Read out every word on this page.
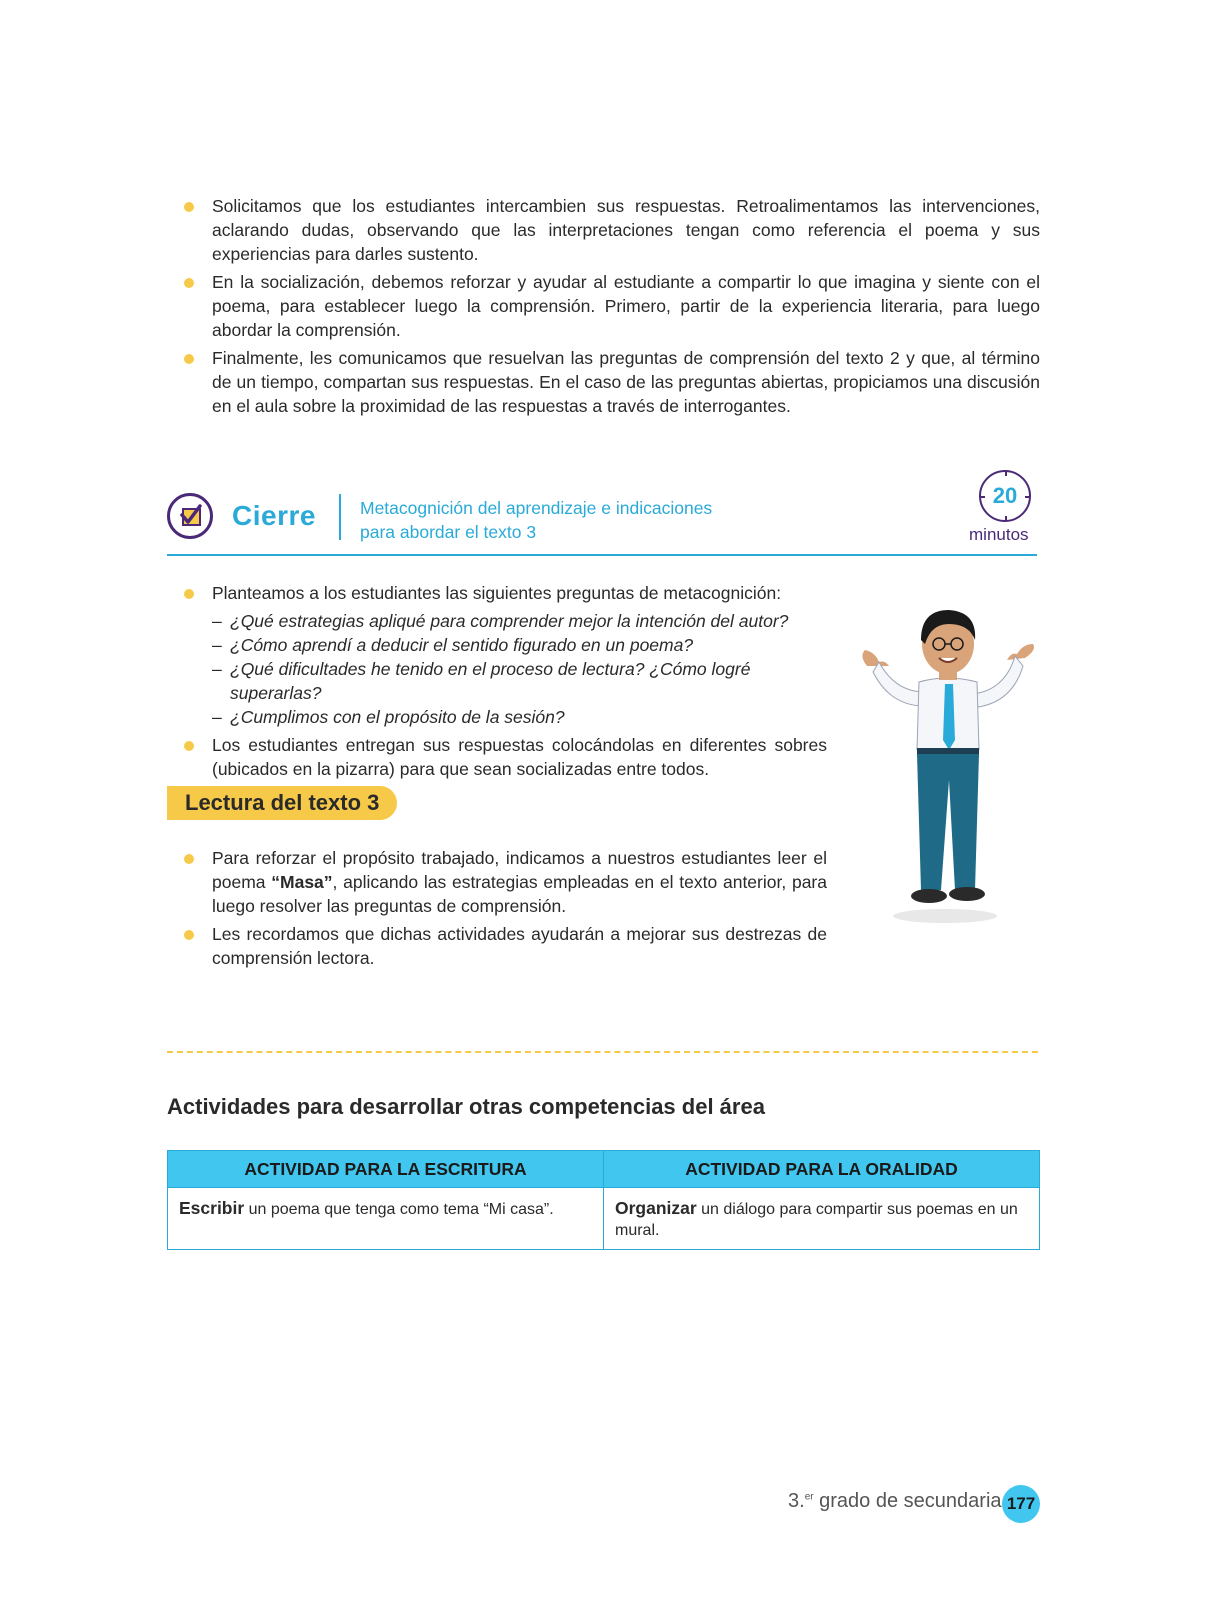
Solicitamos que los estudiantes intercambien sus respuestas. Retroalimentamos las intervenciones, aclarando dudas, observando que las interpretaciones tengan como referencia el poema y sus experiencias para darles sustento.
En la socialización, debemos reforzar y ayudar al estudiante a compartir lo que imagina y siente con el poema, para establecer luego la comprensión. Primero, partir de la experiencia literaria, para luego abordar la comprensión.
Finalmente, les comunicamos que resuelvan las preguntas de comprensión del texto 2 y que, al término de un tiempo, compartan sus respuestas. En el caso de las preguntas abiertas, propiciamos una discusión en el aula sobre la proximidad de las respuestas a través de interrogantes.
Cierre	Metacognición del aprendizaje e indicaciones
para abordar el texto 3
20
minutos
Planteamos a los estudiantes las siguientes preguntas de metacognición:
– ¿Qué estrategias apliqué para comprender mejor la intención del autor?
– ¿Cómo aprendí a deducir el sentido figurado en un poema?
– ¿Qué dificultades he tenido en el proceso de lectura? ¿Cómo logré superarlas?
– ¿Cumplimos con el propósito de la sesión?
Los estudiantes entregan sus respuestas colocándolas en diferentes sobres (ubicados en la pizarra) para que sean socializadas entre todos.
Lectura del texto 3
Para reforzar el propósito trabajado, indicamos a nuestros estudiantes leer el poema “Masa”, aplicando las estrategias empleadas en el texto anterior, para luego resolver las preguntas de comprensión.
Les recordamos que dichas actividades ayudarán a mejorar sus destrezas de comprensión lectora.
Actividades para desarrollar otras competencias del área
ACTIVIDAD PARA LA ESCRITURA	ACTIVIDAD PARA LA ORALIDAD
Escribir un poema que tenga como tema “Mi casa”.	Organizar un diálogo para compartir sus poemas en un mural.
3.$^{er}$ grado de secundaria 177
